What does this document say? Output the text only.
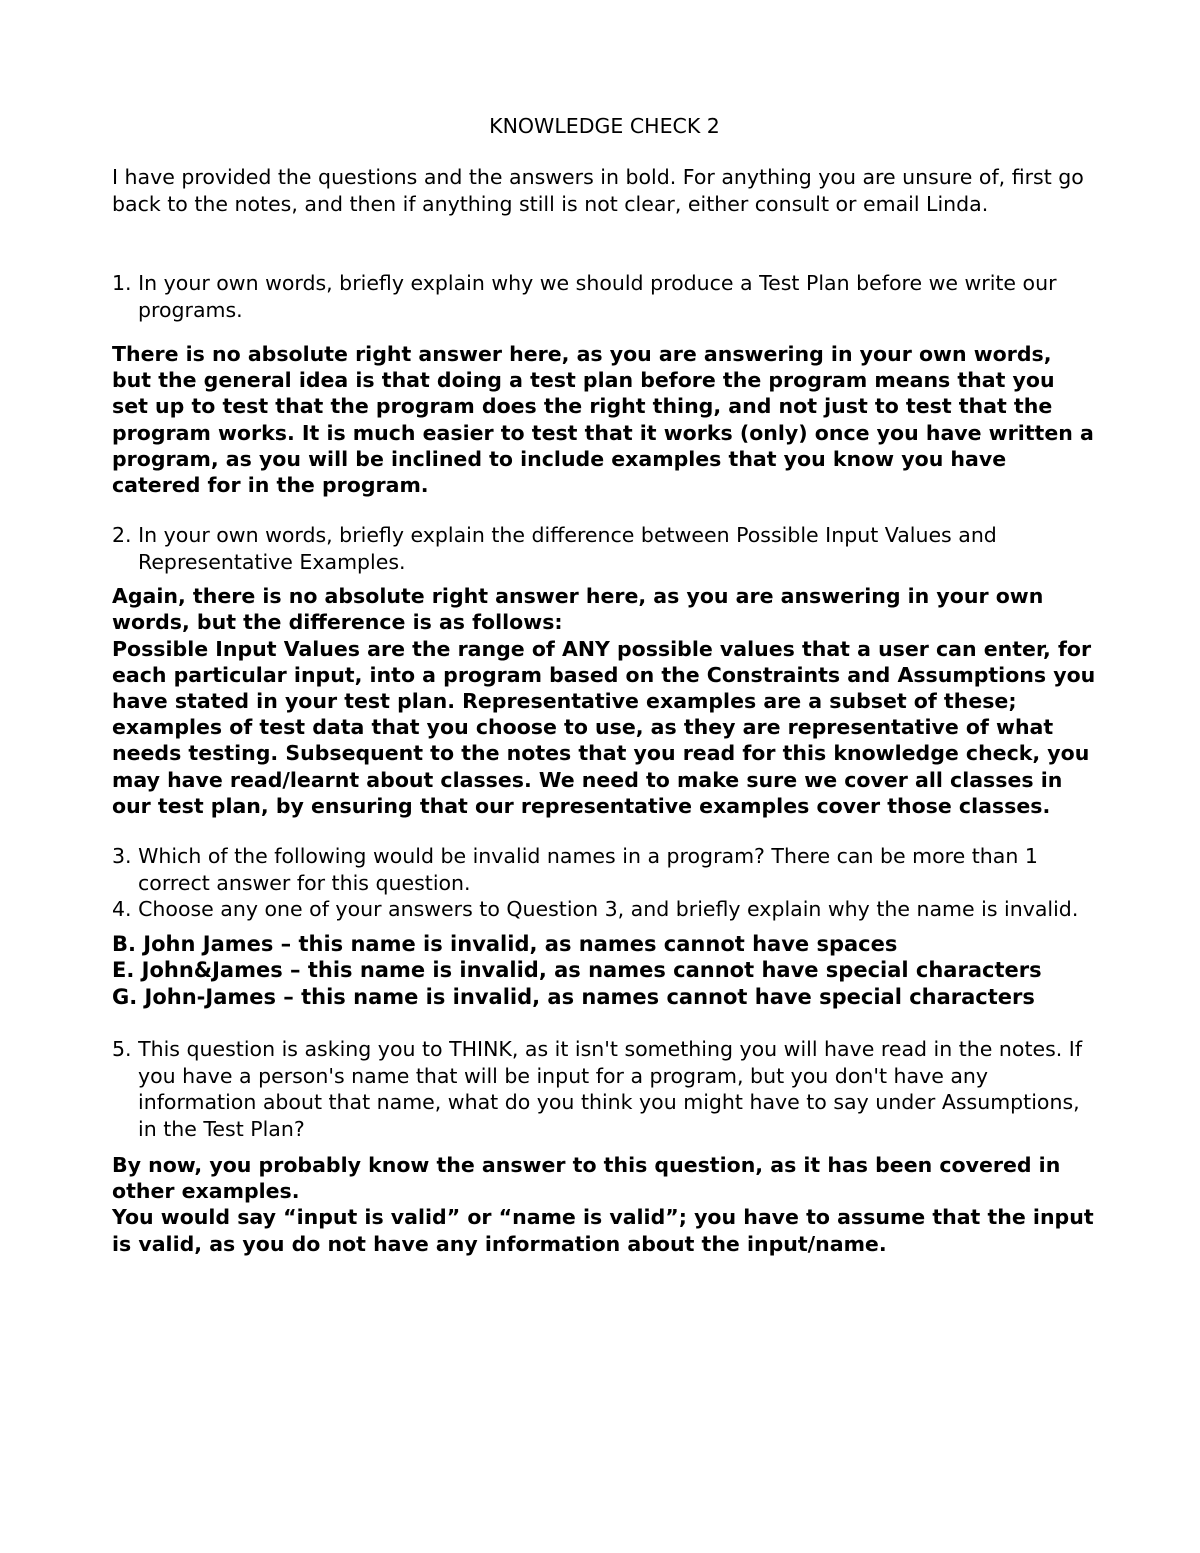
KNOWLEDGE CHECK 2

I have provided the questions and the answers in bold. For anything you are unsure of, first go back to the notes, and then if anything still is not clear, either consult or email Linda.

1. In your own words, briefly explain why we should produce a Test Plan before we write our programs.

There is no absolute right answer here, as you are answering in your own words, but the general idea is that doing a test plan before the program means that you set up to test that the program does the right thing, and not just to test that the program works. It is much easier to test that it works (only) once you have written a program, as you will be inclined to include examples that you know you have catered for in the program.

2. In your own words, briefly explain the difference between Possible Input Values and Representative Examples.

Again, there is no absolute right answer here, as you are answering in your own words, but the difference is as follows:
Possible Input Values are the range of ANY possible values that a user can enter, for each particular input, into a program based on the Constraints and Assumptions you have stated in your test plan. Representative examples are a subset of these; examples of test data that you choose to use, as they are representative of what needs testing. Subsequent to the notes that you read for this knowledge check, you may have read/learnt about classes. We need to make sure we cover all classes in our test plan, by ensuring that our representative examples cover those classes.

3. Which of the following would be invalid names in a program? There can be more than 1 correct answer for this question.

4. Choose any one of your answers to Question 3, and briefly explain why the name is invalid.

B. John James – this name is invalid, as names cannot have spaces

E. John&James – this name is invalid, as names cannot have special characters

G. John-James – this name is invalid, as names cannot have special characters

5. This question is asking you to THINK, as it isn't something you will have read in the notes. If you have a person's name that will be input for a program, but you don't have any information about that name, what do you think you might have to say under Assumptions, in the Test Plan?

By now, you probably know the answer to this question, as it has been covered in other examples.
You would say “input is valid” or “name is valid”; you have to assume that the input is valid, as you do not have any information about the input/name.
